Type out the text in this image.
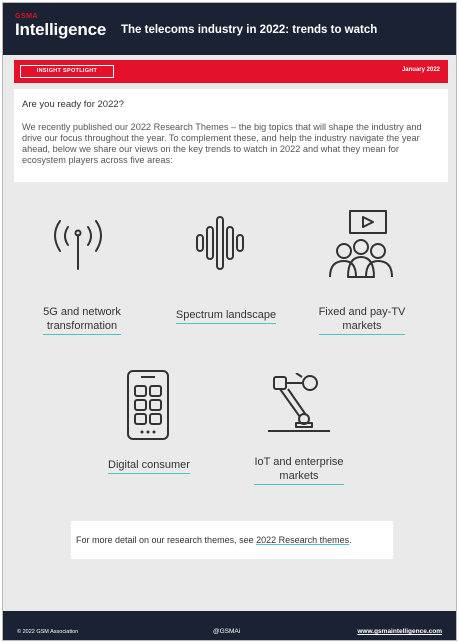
GSMA
Intelligence The telecoms industry in 2022: trends to watch
INSIGHT SPOTLIGHT	January 2022
Are you ready for 2022?
We recently published our 2022 Research Themes – the big topics that will shape the industry and drive our focus throughout the year. To complement these, and help the industry navigate the year ahead, below we share our views on the key trends to watch in 2022 and what they mean for ecosystem players across five areas:
5G and network
transformation
Spectrum landscape	Fixed and pay-TV
markets
Digital consumer	IoT and enterprise
markets
For more detail on our research themes, see 2022 Research themes.
© 2022 GSM Association	@GSMAi	www.gsmaintelligence.com
